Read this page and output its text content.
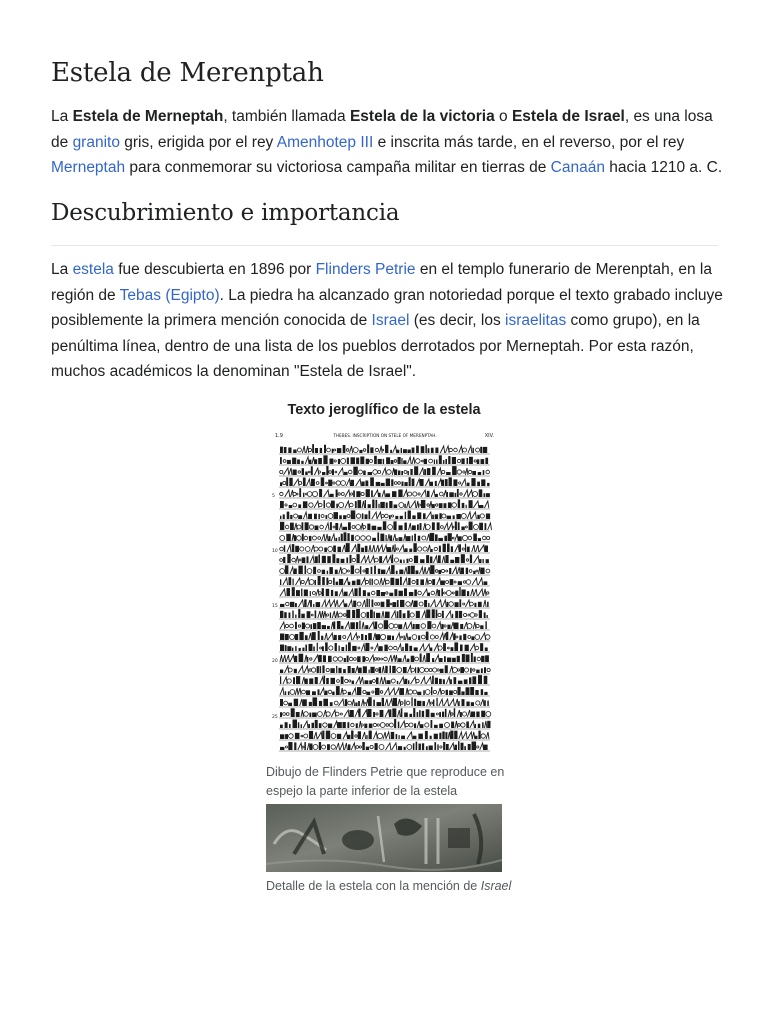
Estela de Merenptah

La Estela de Merneptah, también llamada Estela de la victoria o Estela de Israel, es una losa de granito gris, erigida por el rey Amenhotep III e inscrita más tarde, en el reverso, por el rey Merneptah para conmemorar su victoriosa campaña militar en tierras de Canaán hacia 1210 a. C.

Descubrimiento e importancia

La estela fue descubierta en 1896 por Flinders Petrie en el templo funerario de Merenptah, en la región de Tebas (Egipto). La piedra ha alcanzado gran notoriedad porque el texto grabado incluye posiblemente la primera mención conocida de Israel (es decir, los israelitas como grupo), en la penúltima línea, dentro de una lista de los pueblos derrotados por Merneptah. Por esta razón, muchos académicos la denominan "Estela de Israel".

Texto jeroglífico de la estela
1.9	THEBES. INSCRIPTION ON STELE OF MERENPTAH.	XIV.
5
10
15
20
25
Dibujo de Flinders Petrie que reproduce en espejo la parte inferior de la estela
Detalle de la estela con la mención de Israel
